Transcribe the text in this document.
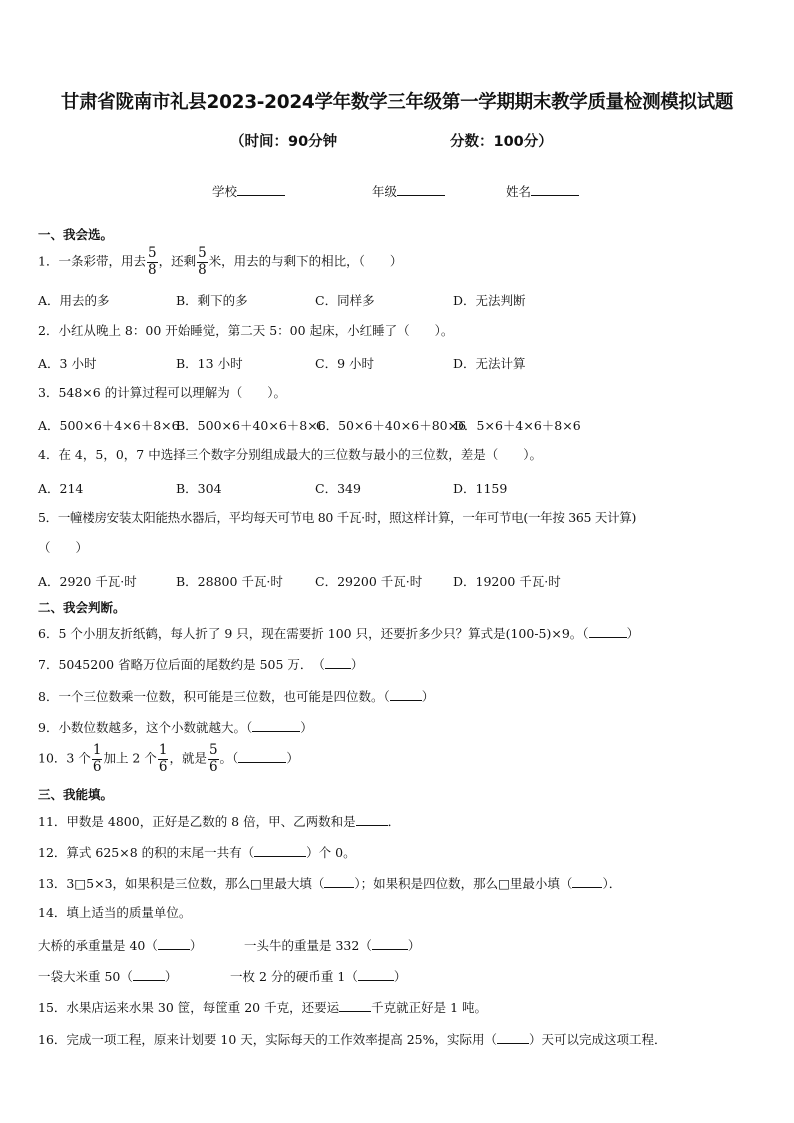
甘肃省陇南市礼县2023-2024学年数学三年级第一学期期末教学质量检测模拟试题
（时间：90分钟	分数：100分）
学校	年级	姓名
一、我会选。
1．一条彩带，用去 $\frac{5}{8}$ ，还剩 $\frac{5}{8}$ 米，用去的与剩下的相比，（　　）
A．用去的多	B．剩下的多	C．同样多	D．无法判断
2．小红从晚上 8：00 开始睡觉，第二天 5：00 起床，小红睡了（　　）。
A．3 小时	B．13 小时	C．9 小时	D．无法计算
3．548×6 的计算过程可以理解为（　　）。
A．500×6＋4×6＋8×6
B．500×6＋40×6＋8×6
C．50×6＋40×6＋80×6
D．5×6＋4×6＋8×6
4．在 4，5，0，7 中选择三个数字分别组成最大的三位数与最小的三位数，差是（　　）。
A．214	B．304	C．349	D．1159
5．一幢楼房安装太阳能热水器后，平均每天可节电 80 千瓦·时，照这样计算，一年可节电(一年按 365 天计算)
（　　）
A．2920 千瓦·时	B．28800 千瓦·时	C．29200 千瓦·时 D．19200 千瓦·时
二、我会判断。
6．5 个小朋友折纸鹤，每人折了 9 只，现在需要折 100 只，还要折多少只？算式是(100-5)×9。（	）
7．5045200 省略万位后面的尾数约是 505 万．　（ ）
8．一个三位数乘一位数，积可能是三位数，也可能是四位数。（	）
9．小数位数越多，这个小数就越大。（	）
10．3 个 $\frac{1}{6}$ 加上 2 个 $\frac{1}{6}$ ，就是 $\frac{5}{6}$ 。（	）
三、我能填。
11．甲数是 4800，正好是乙数的 8 倍，甲、乙两数和是	．
12．算式 625×8 的积的末尾一共有（	）个 0。
13．3□5×3，如果积是三位数，那么□里最大填（ ）；如果积是四位数，那么□里最小填（ ）．
14．填上适当的质量单位。
大桥的承重量是 40（	）	一头牛的重量是 332（	）
一袋大米重 50（	）	一枚 2 分的硬币重 1（	）
15．水果店运来水果 30 筐，每筐重 20 千克，还要运	千克就正好是 1 吨。
16．完成一项工程，原来计划要 10 天，实际每天的工作效率提高 25%，实际用（	）天可以完成这项工程．
